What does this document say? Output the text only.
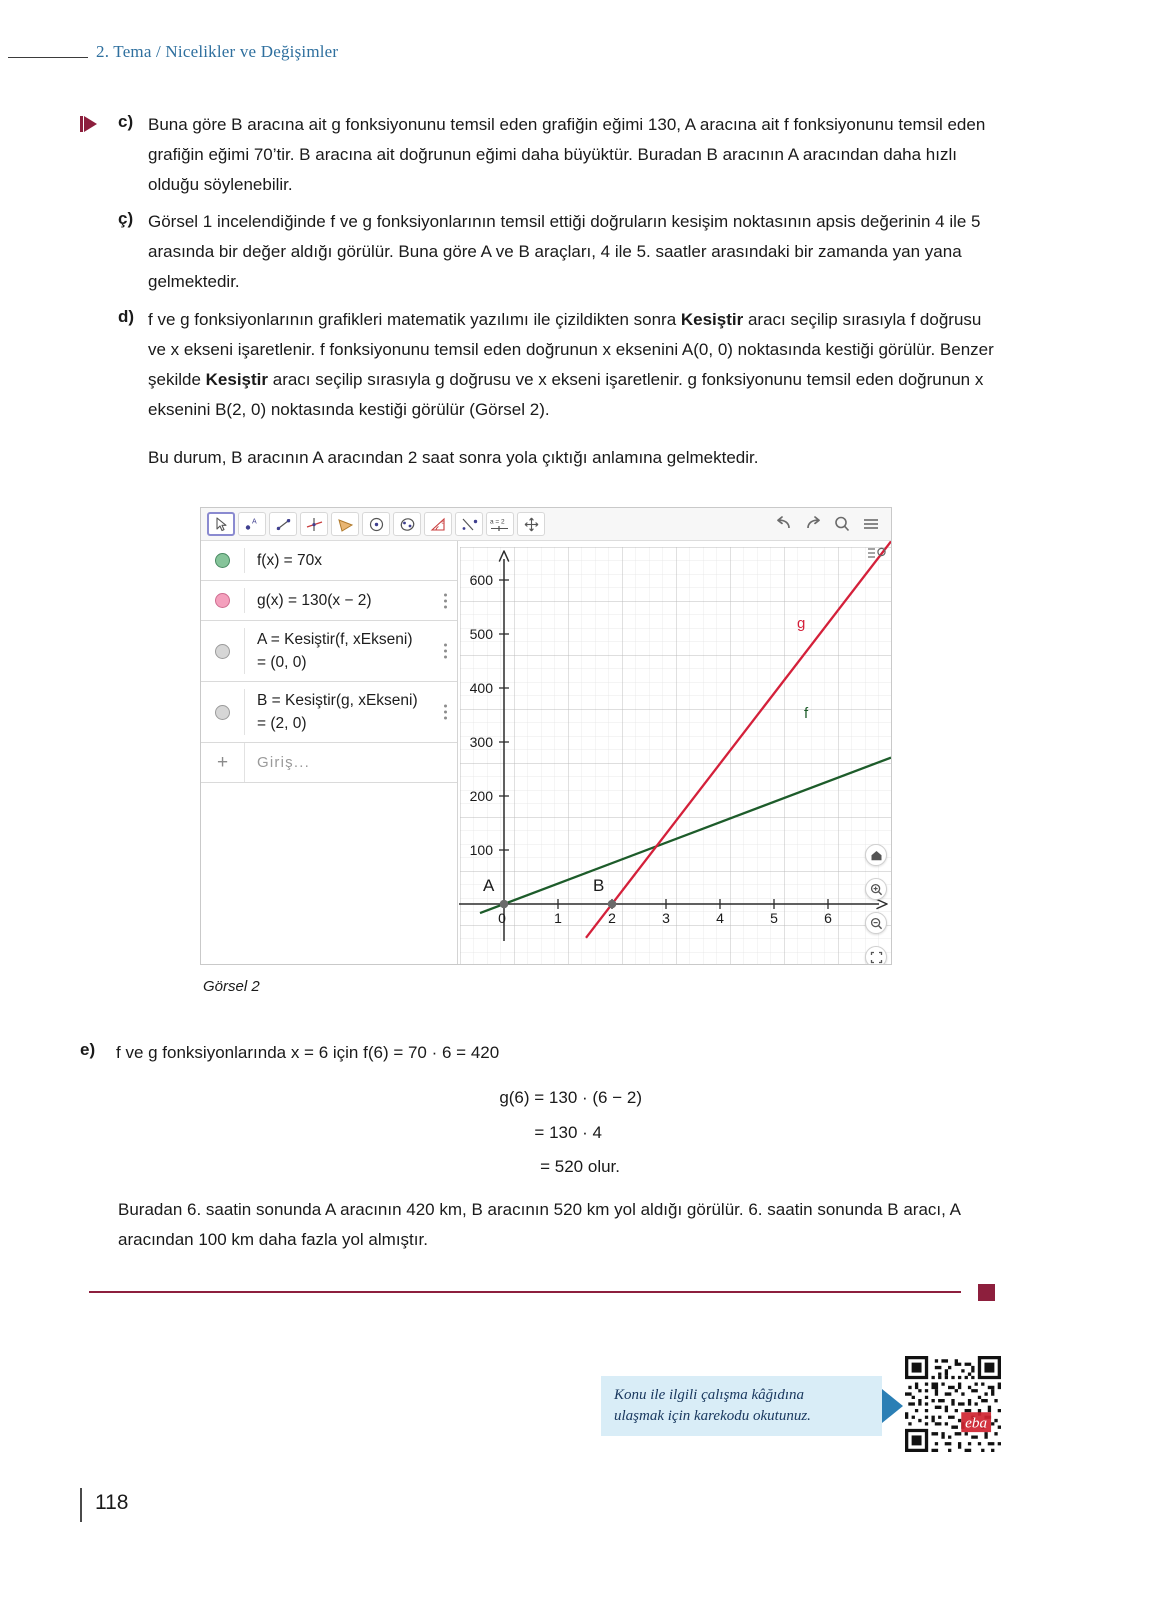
2. Tema / Nicelikler ve Değişimler
c) Buna göre B aracına ait g fonksiyonunu temsil eden grafiğin eğimi 130, A aracına ait f fonksiyonunu temsil eden grafiğin eğimi 70’tir. B aracına ait doğrunun eğimi daha büyüktür. Buradan B aracının A aracından daha hızlı olduğu söylenebilir.
ç) Görsel 1 incelendiğinde f ve g fonksiyonlarının temsil ettiği doğruların kesişim noktasının apsis değerinin 4 ile 5 arasında bir değer aldığı görülür. Buna göre A ve B araçları, 4 ile 5. saatler arasındaki bir zamanda yan yana gelmektedir.
d) f ve g fonksiyonlarının grafikleri matematik yazılımı ile çizildikten sonra Kesiştir aracı seçilip sırasıyla f doğrusu ve x ekseni işaretlenir. f fonksiyonunu temsil eden doğrunun x eksenini A(0, 0) noktasında kestiği görülür. Benzer şekilde Kesiştir aracı seçilip sırasıyla g doğrusu ve x ekseni işaretlenir. g fonksiyonunu temsil eden doğrunun x eksenini B(2, 0) noktasında kestiği görülür (Görsel 2).
Bu durum, B aracının A aracından 2 saat sonra yola çıktığı anlamına gelmektedir.
A	α	a = 2
f(x) = 70x
g(x) = 130(x − 2)
A = Kesiştir(f, xEkseni)
= (0, 0)
B = Kesiştir(g, xEkseni)
= (2, 0)
+	Giriş...
100
200
300
400
500
600
0	1	2	3	4	5	6
g
f
A	B
Görsel 2
e)	f ve g fonksiyonlarında x = 6 için f(6) = 70 · 6 = 420
g(6) = 130 · (6 − 2)
= 130 · 4
= 520 olur.
Buradan 6. saatin sonunda A aracının 420 km, B aracının 520 km yol aldığı görülür. 6. saatin sonunda B aracı, A aracından 100 km daha fazla yol almıştır.
Konu ile ilgili çalışma kâğıdına
ulaşmak için karekodu okutunuz.	eba
118
